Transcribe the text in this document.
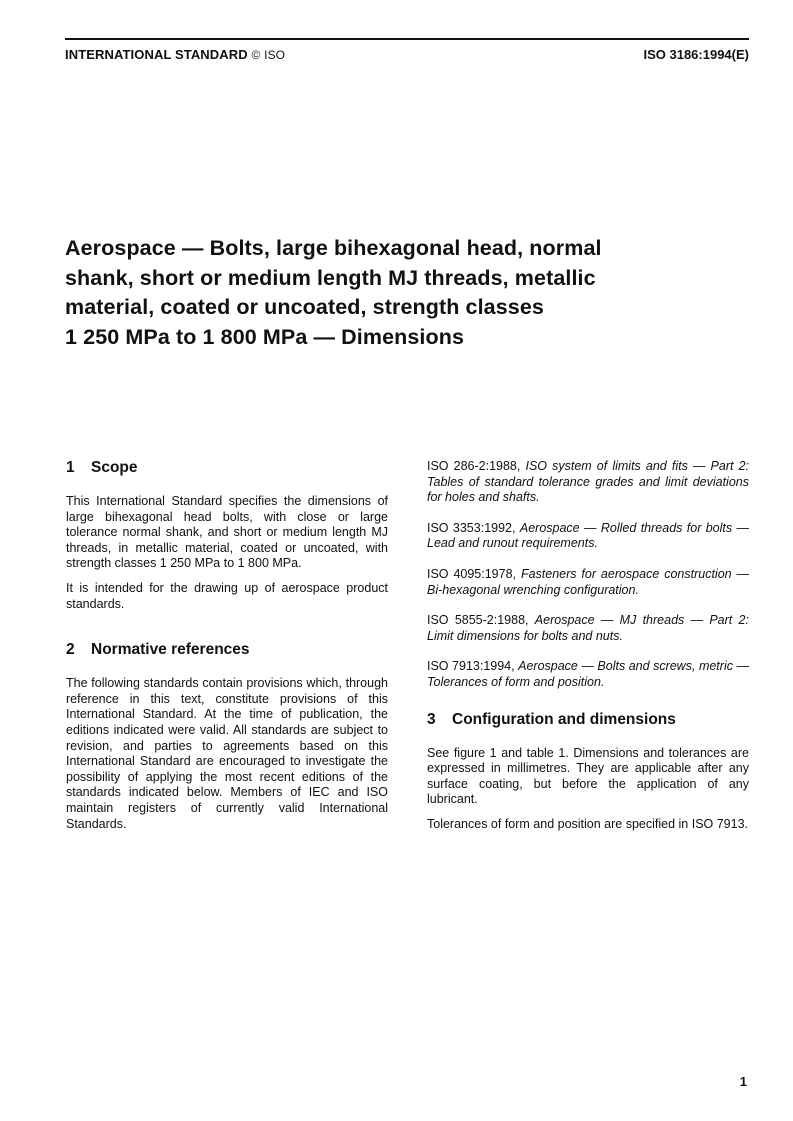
INTERNATIONAL STANDARD © ISO	ISO 3186:1994(E)
Aerospace — Bolts, large bihexagonal head, normal
shank, short or medium length MJ threads, metallic
material, coated or uncoated, strength classes
1 250 MPa to 1 800 MPa — Dimensions
1 Scope

This International Standard specifies the dimensions of large bihexagonal head bolts, with close or large tolerance normal shank, and short or medium length MJ threads, in metallic material, coated or uncoated, with strength classes 1 250 MPa to 1 800 MPa.

It is intended for the drawing up of aerospace product standards.

2 Normative references

The following standards contain provisions which, through reference in this text, constitute provisions of this International Standard. At the time of publication, the editions indicated were valid. All standards are subject to revision, and parties to agreements based on this International Standard are encouraged to investigate the possibility of applying the most recent editions of the standards indicated below. Members of IEC and ISO maintain registers of currently valid International Standards.

ISO 286-2:1988, ISO system of limits and fits — Part 2: Tables of standard tolerance grades and limit deviations for holes and shafts.

ISO 3353:1992, Aerospace — Rolled threads for bolts — Lead and runout requirements.

ISO 4095:1978, Fasteners for aerospace construction — Bi-hexagonal wrenching configuration.

ISO 5855-2:1988, Aerospace — MJ threads — Part 2: Limit dimensions for bolts and nuts.

ISO 7913:1994, Aerospace — Bolts and screws, metric — Tolerances of form and position.

3 Configuration and dimensions

See figure 1 and table 1. Dimensions and tolerances are expressed in millimetres. They are applicable after any surface coating, but before the application of any lubricant.

Tolerances of form and position are specified in ISO 7913.

1
